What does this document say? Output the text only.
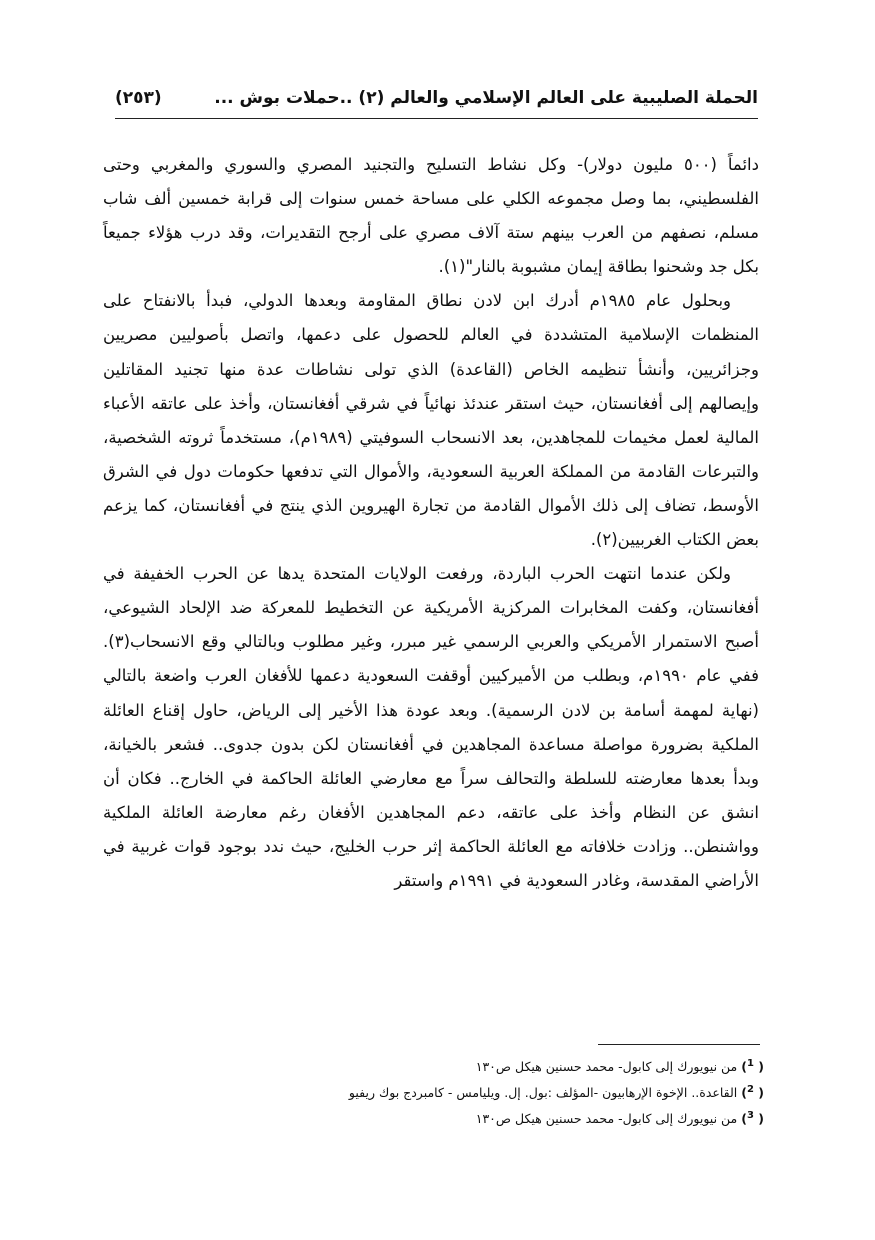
الحملة الصليبية على العالم الإسلامي والعالم (٢) ..حملات بوش ...
(٢٥٣)

دائماً (٥٠٠ مليون دولار)- وكل نشاط التسليح والتجنيد المصري والسوري والمغربي وحتى الفلسطيني، بما وصل مجموعه الكلي على مساحة خمس سنوات إلى قرابة خمسين ألف شاب مسلم، نصفهم من العرب بينهم ستة آلاف مصري على أرجح التقديرات، وقد درب هؤلاء جميعاً بكل جد وشحنوا بطاقة إيمان مشبوبة بالنار"(١).

وبحلول عام ١٩٨٥م أدرك ابن لادن نطاق المقاومة وبعدها الدولي، فبدأ بالانفتاح على المنظمات الإسلامية المتشددة في العالم للحصول على دعمها، واتصل بأصوليين مصريين وجزائريين، وأنشأ تنظيمه الخاص (القاعدة) الذي تولى نشاطات عدة منها تجنيد المقاتلين وإيصالهم إلى أفغانستان، حيث استقر عندئذ نهائياً في شرقي أفغانستان، وأخذ على عاتقه الأعباء المالية لعمل مخيمات للمجاهدين، بعد الانسحاب السوفيتي (١٩٨٩م)، مستخدماً ثروته الشخصية، والتبرعات القادمة من المملكة العربية السعودية، والأموال التي تدفعها حكومات دول في الشرق الأوسط، تضاف إلى ذلك الأموال القادمة من تجارة الهيروين الذي ينتج في أفغانستان، كما يزعم بعض الكتاب الغربيين(٢).

ولكن عندما انتهت الحرب الباردة، ورفعت الولايات المتحدة يدها عن الحرب الخفيفة في أفغانستان، وكفت المخابرات المركزية الأمريكية عن التخطيط للمعركة ضد الإلحاد الشيوعي، أصبح الاستمرار الأمريكي والعربي الرسمي غير مبرر، وغير مطلوب وبالتالي وقع الانسحاب(٣). ففي عام ١٩٩٠م، وبطلب من الأميركيين أوقفت السعودية دعمها للأفغان العرب واضعة بالتالي (نهاية لمهمة أسامة بن لادن الرسمية). وبعد عودة هذا الأخير إلى الرياض، حاول إقناع العائلة الملكية بضرورة مواصلة مساعدة المجاهدين في أفغانستان لكن بدون جدوى.. فشعر بالخيانة، وبدأ بعدها معارضته للسلطة والتحالف سراً مع معارضي العائلة الحاكمة في الخارج.. فكان أن انشق عن النظام وأخذ على عاتقه، دعم المجاهدين الأفغان رغم معارضة العائلة الملكية وواشنطن.. وزادت خلافاته مع العائلة الحاكمة إثر حرب الخليج، حيث ندد بوجود قوات غربية في الأراضي المقدسة، وغادر السعودية في ١٩٩١م واستقر

( $^1$) من نيويورك إلى كابول- محمد حسنين هيكل ص١٣٠
( $^2$) القاعدة.. الإخوة الإرهابيون -المؤلف :بول. إل. ويليامس - كامبردج بوك ريفيو
( $^3$) من نيويورك إلى كابول- محمد حسنين هيكل ص١٣٠
